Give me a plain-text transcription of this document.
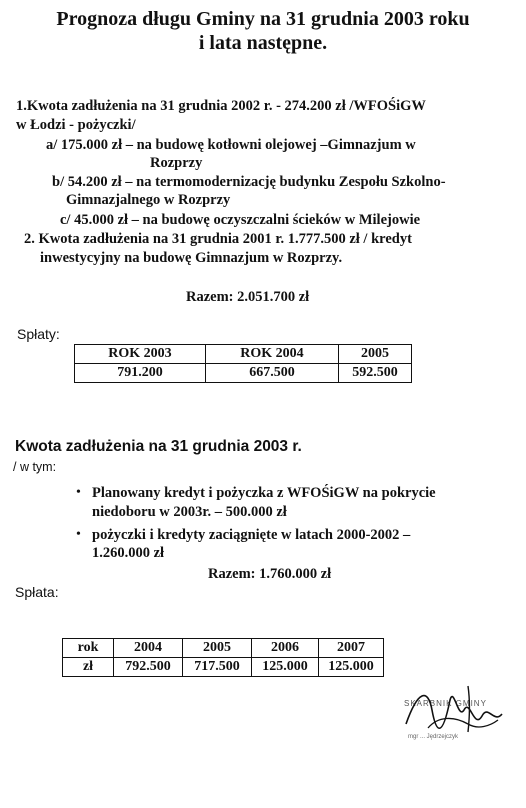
Prognoza długu Gminy na 31 grudnia 2003 roku
i lata następne.
1.Kwota zadłużenia na 31 grudnia 2002 r. - 274.200 zł /WFOŚiGW
w Łodzi - pożyczki/
a/ 175.000 zł – na budowę kotłowni olejowej –Gimnazjum w
Rozprzy
b/ 54.200 zł – na termomodernizację budynku Zespołu Szkolno-
Gimnazjalnego w Rozprzy
c/ 45.000 zł – na budowę oczyszczalni ścieków w Milejowie
2. Kwota zadłużenia na 31 grudnia 2001 r. 1.777.500 zł / kredyt
inwestycyjny na budowę Gimnazjum w Rozprzy.
Razem: 2.051.700 zł
Spłaty:
ROK 2003	ROK 2004	2005
791.200	667.500	592.500
Kwota zadłużenia na 31 grudnia 2003 r.
/ w tym:
• Planowany kredyt i pożyczka z WFOŚiGW na pokrycie
niedoboru w 2003r. – 500.000 zł
• pożyczki i kredyty zaciągnięte w latach 2000-2002 –
1.260.000 zł
Razem: 1.760.000 zł
Spłata:
rok	2004	2005	2006	2007
zł	792.500	717.500	125.000	125.000
SKARBNIK GMINY
mgr ... Jędrzejczyk
